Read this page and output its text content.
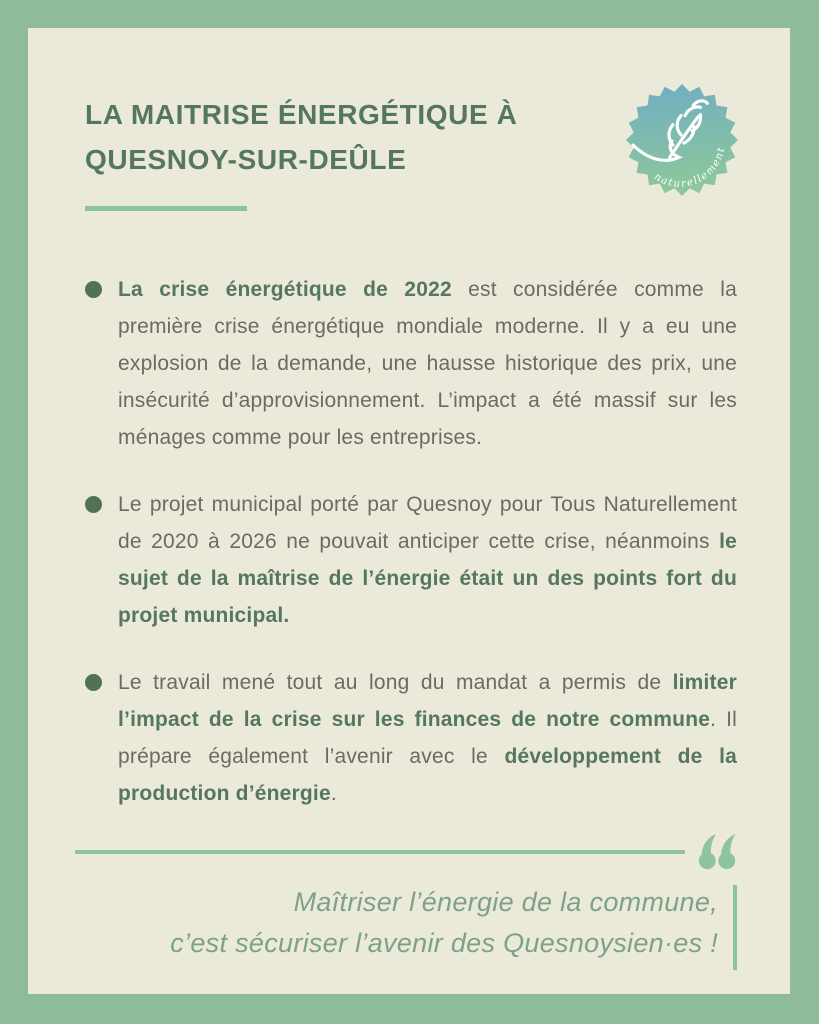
LA MAITRISE ÉNERGÉTIQUE À
QUESNOY-SUR-DEÛLE
naturellement

La crise énergétique de 2022 est considérée comme la première crise énergétique mondiale moderne. Il y a eu une explosion de la demande, une hausse historique des prix, une insécurité d’approvisionnement. L’impact a été massif sur les ménages comme pour les entreprises.

Le projet municipal porté par Quesnoy pour Tous Naturellement de 2020 à 2026 ne pouvait anticiper cette crise, néanmoins le sujet de la maîtrise de l’énergie était un des points fort du projet municipal.

Le travail mené tout au long du mandat a permis de limiter l’impact de la crise sur les finances de notre commune. Il prépare également l’avenir avec le développement de la production d’énergie.

Maîtriser l’énergie de la commune,
c’est sécuriser l’avenir des Quesnoysien·es !
